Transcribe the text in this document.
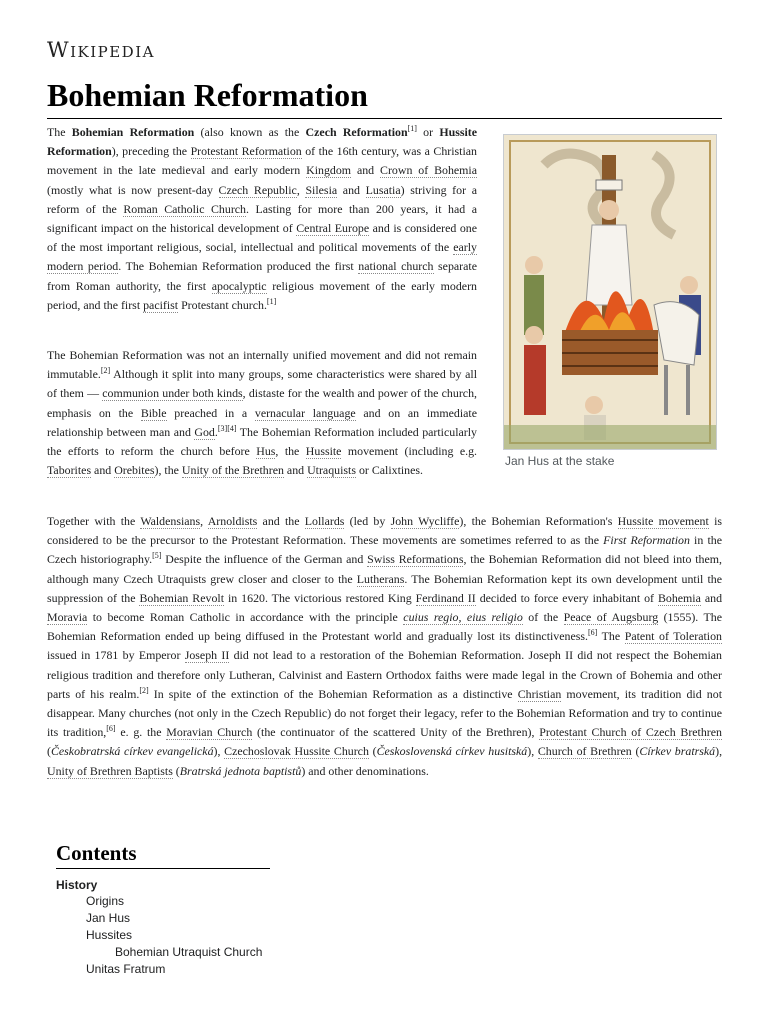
Wikipedia
Bohemian Reformation

The Bohemian Reformation (also known as the Czech Reformation[1] or Hussite Reformation), preceding the Protestant Reformation of the 16th century, was a Christian movement in the late medieval and early modern Kingdom and Crown of Bohemia (mostly what is now present-day Czech Republic, Silesia and Lusatia) striving for a reform of the Roman Catholic Church. Lasting for more than 200 years, it had a significant impact on the historical development of Central Europe and is considered one of the most important religious, social, intellectual and political movements of the early modern period. The Bohemian Reformation produced the first national church separate from Roman authority, the first apocalyptic religious movement of the early modern period, and the first pacifist Protestant church.[1]

The Bohemian Reformation was not an internally unified movement and did not remain immutable.[2] Although it split into many groups, some characteristics were shared by all of them — communion under both kinds, distaste for the wealth and power of the church, emphasis on the Bible preached in a vernacular language and on an immediate relationship between man and God.[3][4] The Bohemian Reformation included particularly the efforts to reform the church before Hus, the Hussite movement (including e.g. Taborites and Orebites), the Unity of the Brethren and Utraquists or Calixtines.

Together with the Waldensians, Arnoldists and the Lollards (led by John Wycliffe), the Bohemian Reformation's Hussite movement is considered to be the precursor to the Protestant Reformation. These movements are sometimes referred to as the First Reformation in the Czech historiography.[5] Despite the influence of the German and Swiss Reformations, the Bohemian Reformation did not bleed into them, although many Czech Utraquists grew closer and closer to the Lutherans. The Bohemian Reformation kept its own development until the suppression of the Bohemian Revolt in 1620. The victorious restored King Ferdinand II decided to force every inhabitant of Bohemia and Moravia to become Roman Catholic in accordance with the principle cuius regio, eius religio of the Peace of Augsburg (1555). The Bohemian Reformation ended up being diffused in the Protestant world and gradually lost its distinctiveness.[6] The Patent of Toleration issued in 1781 by Emperor Joseph II did not lead to a restoration of the Bohemian Reformation. Joseph II did not respect the Bohemian religious tradition and therefore only Lutheran, Calvinist and Eastern Orthodox faiths were made legal in the Crown of Bohemia and other parts of his realm.[2] In spite of the extinction of the Bohemian Reformation as a distinctive Christian movement, its tradition did not disappear. Many churches (not only in the Czech Republic) do not forget their legacy, refer to the Bohemian Reformation and try to continue its tradition,[6] e. g. the Moravian Church (the continuator of the scattered Unity of the Brethren), Protestant Church of Czech Brethren (Českobratrská církev evangelická), Czechoslovak Hussite Church (Československá církev husitská), Church of Brethren (Církev bratrská), Unity of Brethren Baptists (Bratrská jednota baptistů) and other denominations.

Jan Hus at the stake
Contents
History
Origins
Jan Hus
Hussites
Bohemian Utraquist Church
Unitas Fratrum
